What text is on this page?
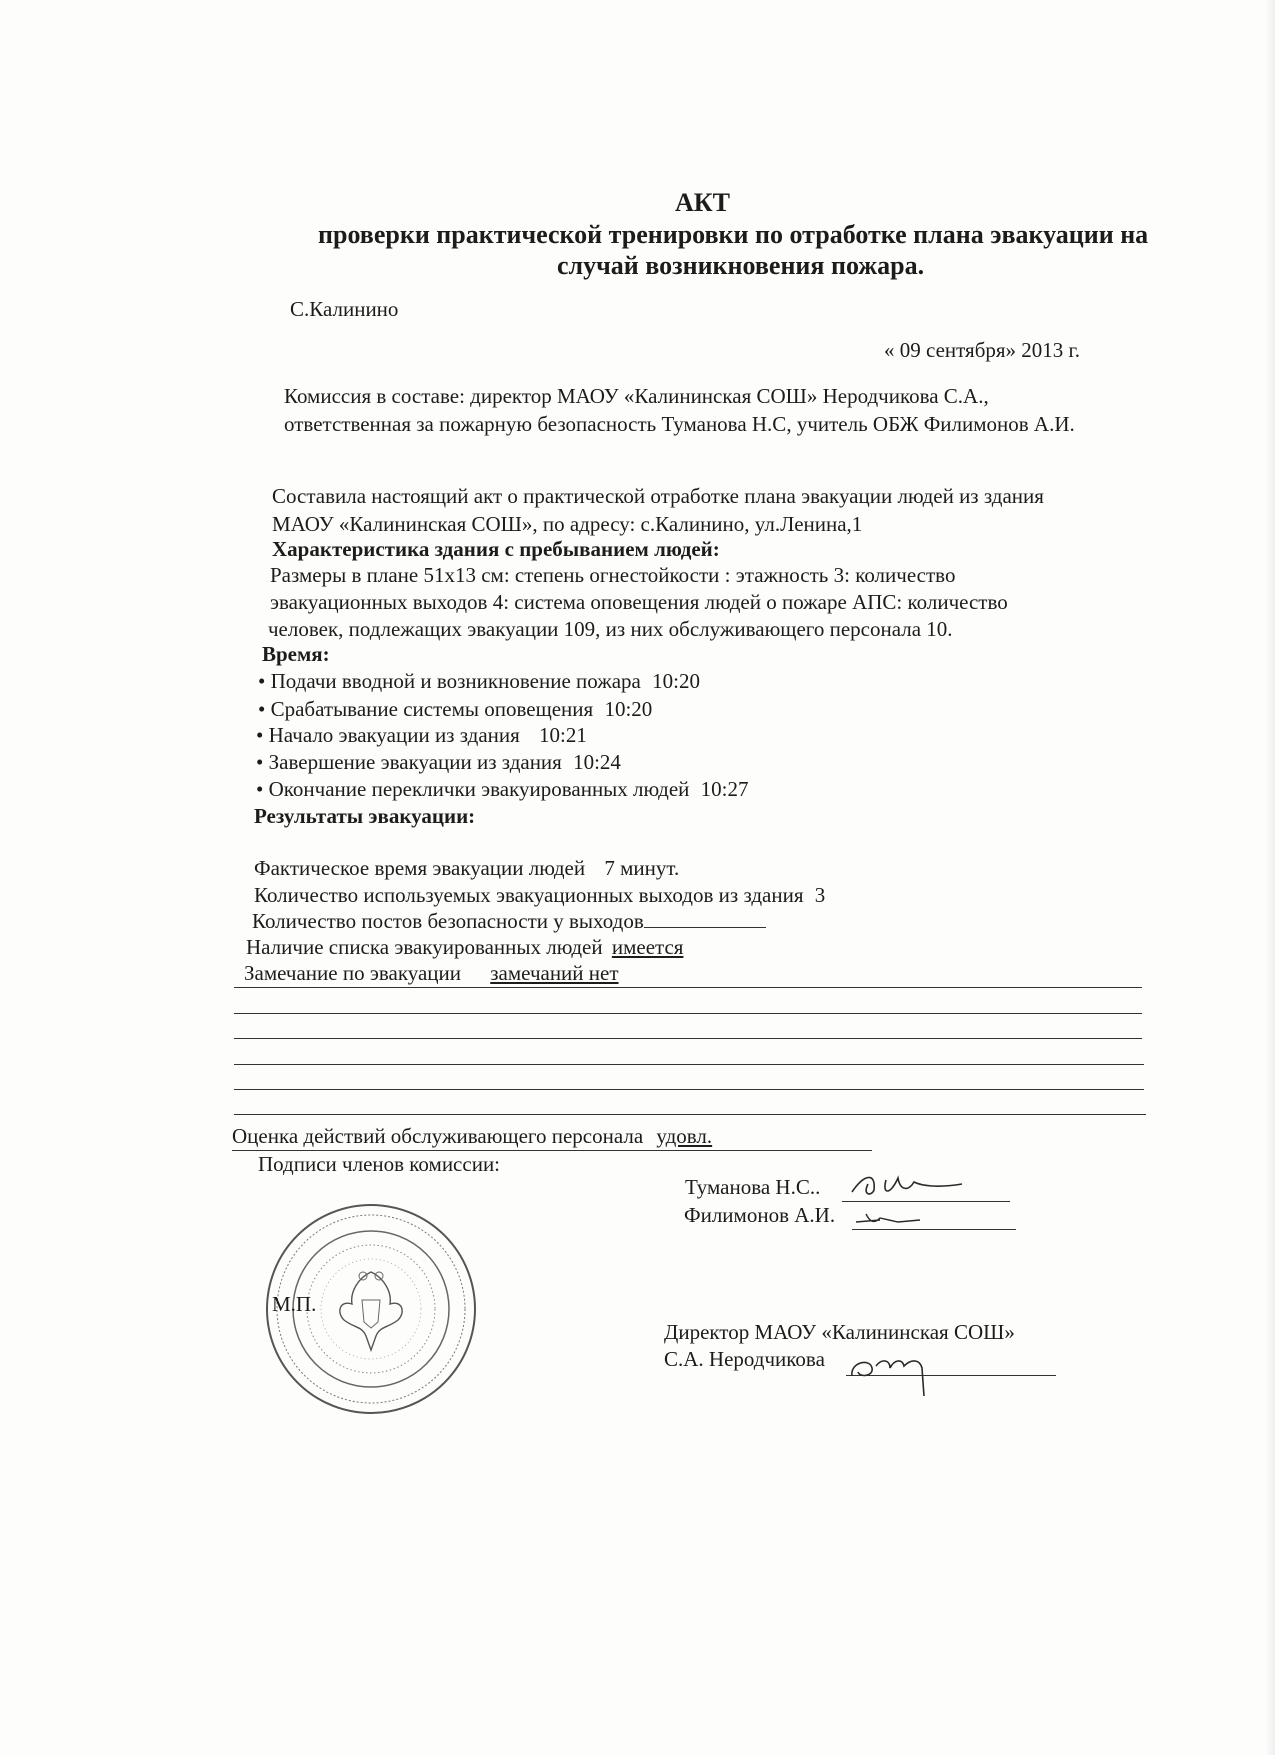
АКТ
проверки практической тренировки по отработке плана эвакуации на
случай возникновения пожара.
С.Калинино
« 09 сентября» 2013 г.
Комиссия в составе: директор МАОУ «Калининская СОШ» Неродчикова С.А.,
ответственная за пожарную безопасность Туманова Н.С, учитель ОБЖ Филимонов А.И.
Составила настоящий акт о практической отработке плана эвакуации людей из здания
МАОУ «Калининская СОШ», по адресу: с.Калинино, ул.Ленина,1
Характеристика здания с пребыванием людей:
Размеры в плане 51х13 см: степень огнестойкости : этажность 3: количество
эвакуационных выходов 4: система оповещения людей о пожаре АПС: количество
человек, подлежащих эвакуации 109, из них обслуживающего персонала 10.
Время:
• Подачи вводной и возникновение пожара 10:20
• Срабатывание системы оповещения 10:20
• Начало эвакуации из здания 10:21
• Завершение эвакуации из здания 10:24
• Окончание переклички эвакуированных людей 10:27
Результаты эвакуации:
Фактическое время эвакуации людей 7 минут.
Количество используемых эвакуационных выходов из здания 3
Количество постов безопасности у выходов
Наличие списка эвакуированных людей имеется
Замечание по эвакуации замечаний нет
Оценка действий обслуживающего персонала удовл.
Подписи членов комиссии:
Туманова Н.С..
Филимонов А.И.
М.П.
Директор МАОУ «Калининская СОШ»
С.А. Неродчикова
